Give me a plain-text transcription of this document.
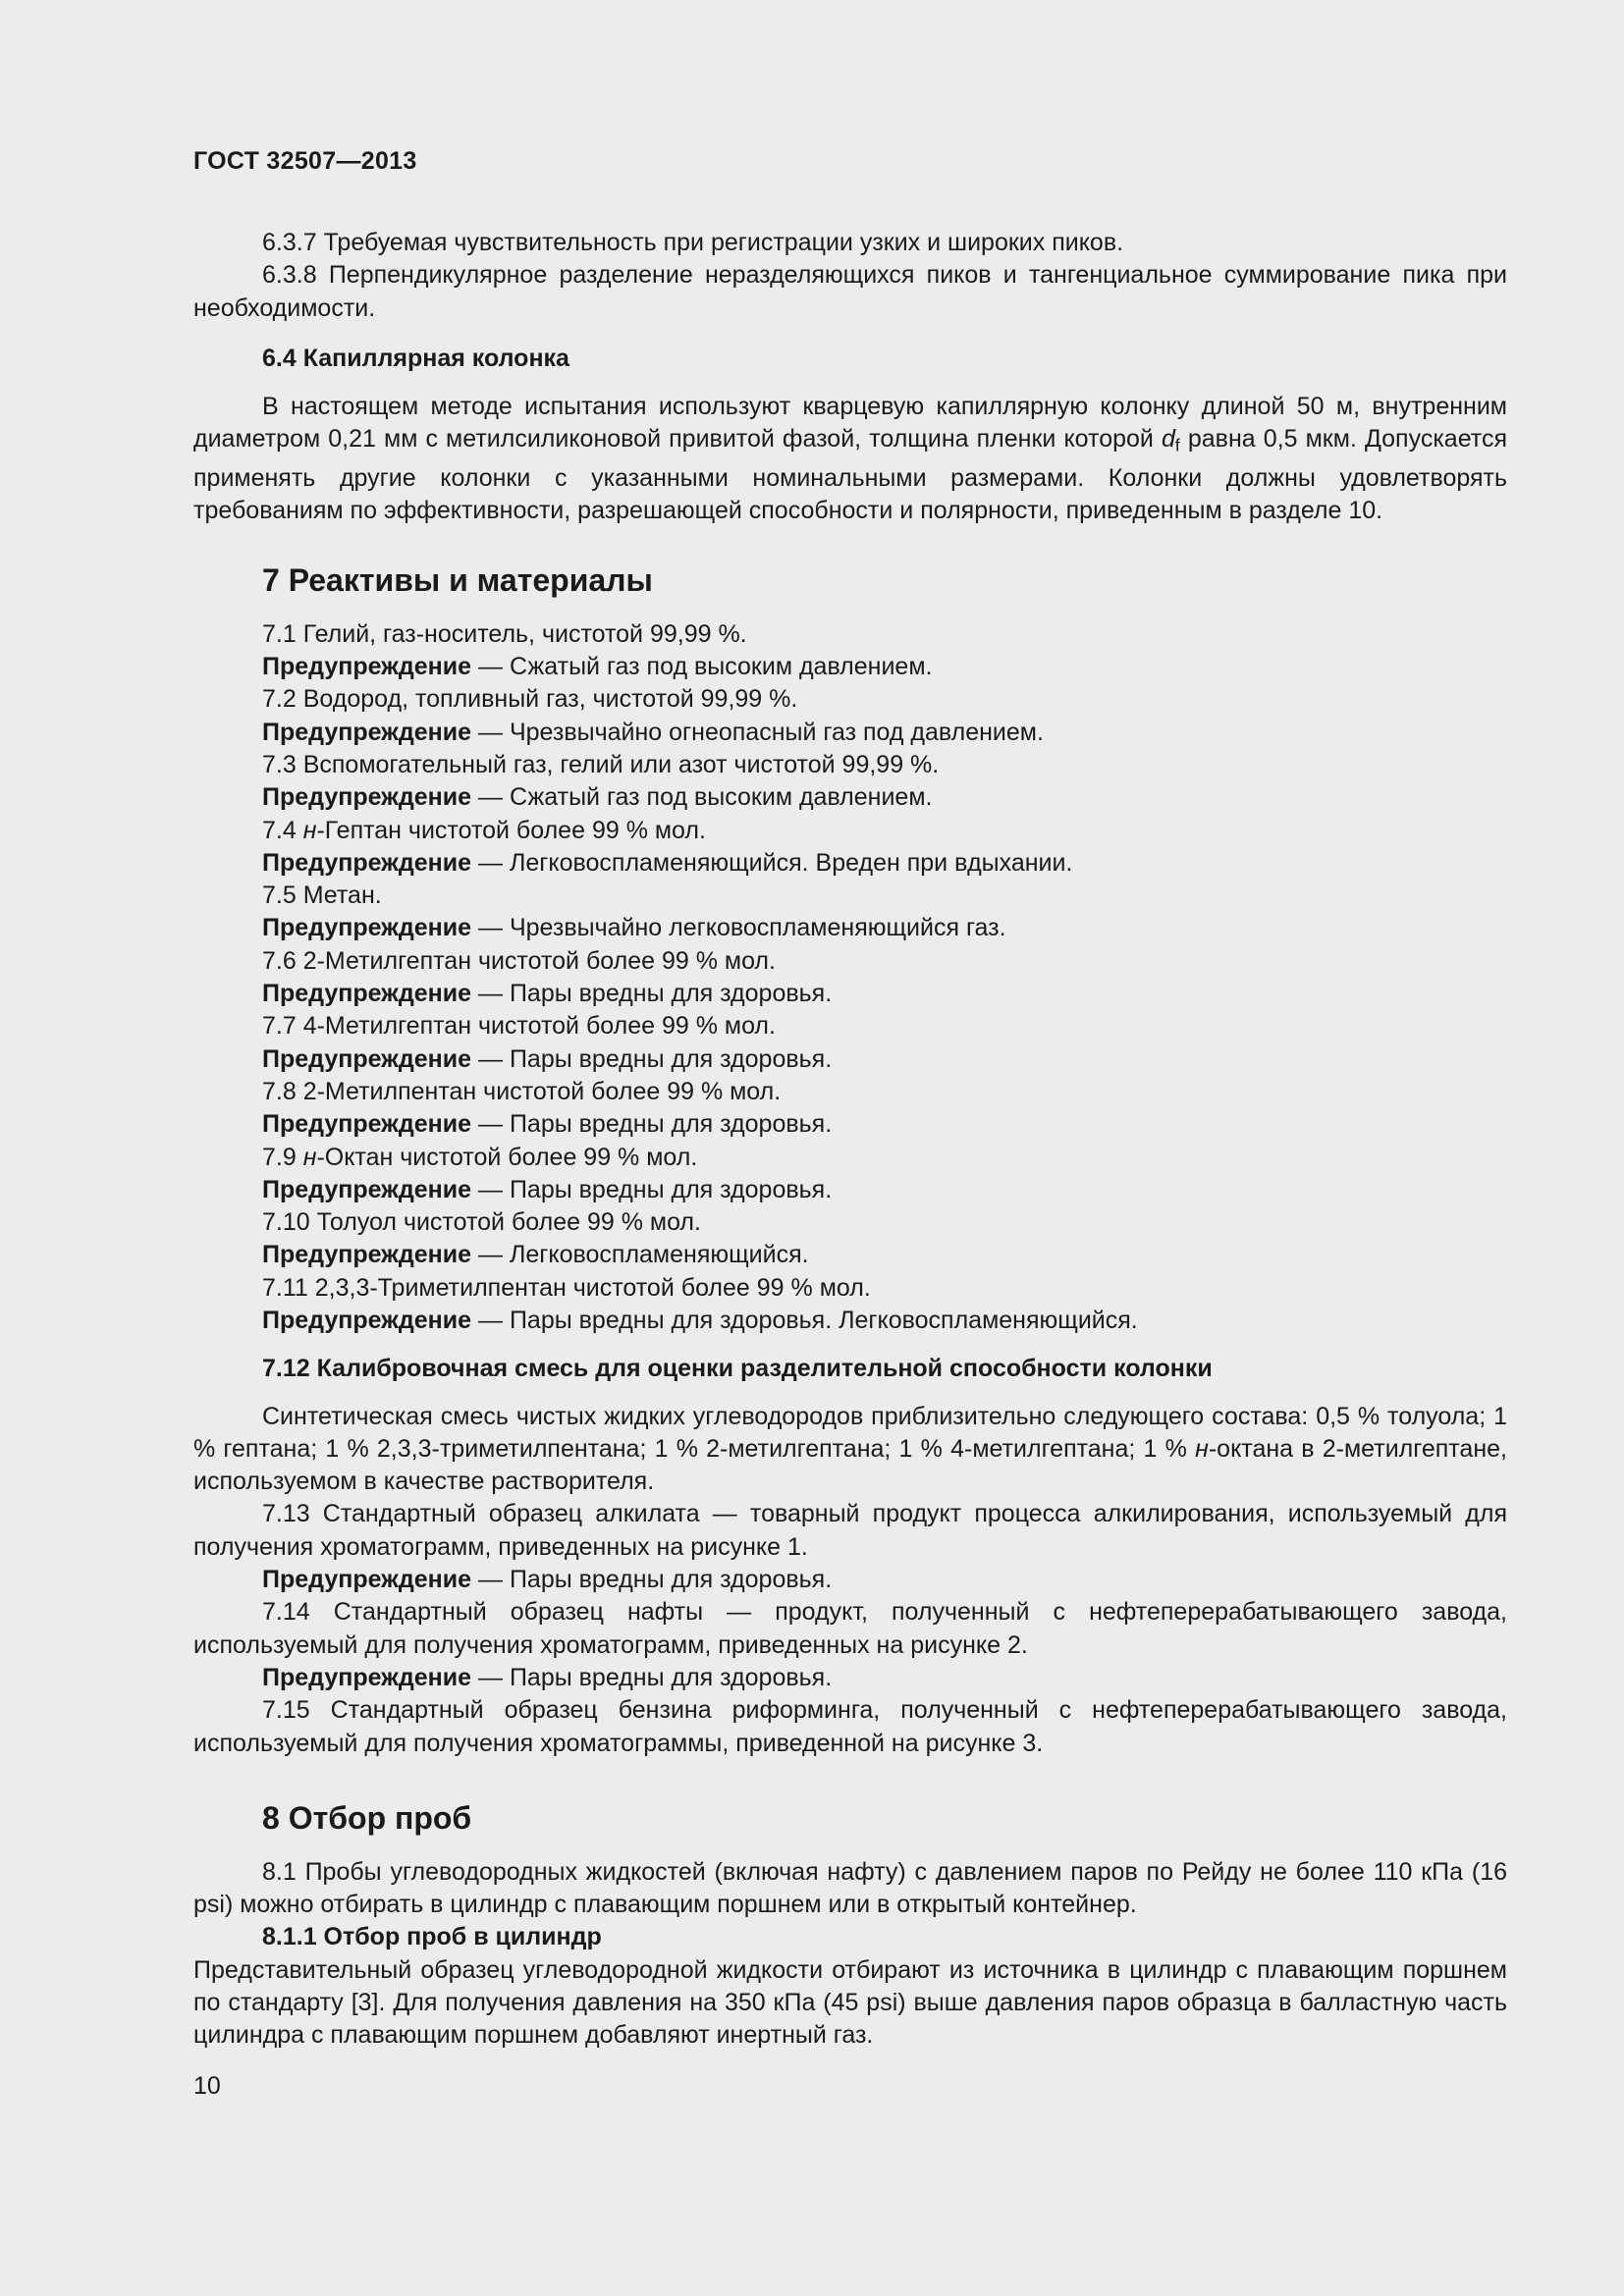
ГОСТ 32507—2013

6.3.7 Требуемая чувствительность при регистрации узких и широких пиков.

6.3.8 Перпендикулярное разделение неразделяющихся пиков и тангенциальное суммирование пика при необходимости.

6.4 Капиллярная колонка

В настоящем методе испытания используют кварцевую капиллярную колонку длиной 50 м, внутренним диаметром 0,21 мм с метилсиликоновой привитой фазой, толщина пленки которой $d_f$ равна 0,5 мкм. Допускается применять другие колонки с указанными номинальными размерами. Колонки должны удовлетворять требованиям по эффективности, разрешающей способности и полярности, приведенным в разделе 10.

7 Реактивы и материалы

7.1 Гелий, газ-носитель, чистотой 99,99 %.

Предупреждение — Сжатый газ под высоким давлением.

7.2 Водород, топливный газ, чистотой 99,99 %.

Предупреждение — Чрезвычайно огнеопасный газ под давлением.

7.3 Вспомогательный газ, гелий или азот чистотой 99,99 %.

Предупреждение — Сжатый газ под высоким давлением.

7.4 н-Гептан чистотой более 99 % мол.

Предупреждение — Легковоспламеняющийся. Вреден при вдыхании.

7.5 Метан.

Предупреждение — Чрезвычайно легковоспламеняющийся газ.

7.6 2-Метилгептан чистотой более 99 % мол.

Предупреждение — Пары вредны для здоровья.

7.7 4-Метилгептан чистотой более 99 % мол.

Предупреждение — Пары вредны для здоровья.

7.8 2-Метилпентан чистотой более 99 % мол.

Предупреждение — Пары вредны для здоровья.

7.9 н-Октан чистотой более 99 % мол.

Предупреждение — Пары вредны для здоровья.

7.10 Толуол чистотой более 99 % мол.

Предупреждение — Легковоспламеняющийся.

7.11 2,3,3-Триметилпентан чистотой более 99 % мол.

Предупреждение — Пары вредны для здоровья. Легковоспламеняющийся.

7.12 Калибровочная смесь для оценки разделительной способности колонки

Синтетическая смесь чистых жидких углеводородов приблизительно следующего состава: 0,5 % толуола; 1 % гептана; 1 % 2,3,3-триметилпентана; 1 % 2-метилгептана; 1 % 4-метилгептана; 1 % н-октана в 2-метилгептане, используемом в качестве растворителя.

7.13 Стандартный образец алкилата — товарный продукт процесса алкилирования, используемый для получения хроматограмм, приведенных на рисунке 1.

Предупреждение — Пары вредны для здоровья.

7.14 Стандартный образец нафты — продукт, полученный с нефтеперерабатывающего завода, используемый для получения хроматограмм, приведенных на рисунке 2.

Предупреждение — Пары вредны для здоровья.

7.15 Стандартный образец бензина риформинга, полученный с нефтеперерабатывающего завода, используемый для получения хроматограммы, приведенной на рисунке 3.

8 Отбор проб

8.1 Пробы углеводородных жидкостей (включая нафту) с давлением паров по Рейду не более 110 кПа (16 psi) можно отбирать в цилиндр с плавающим поршнем или в открытый контейнер.

8.1.1 Отбор проб в цилиндр

Представительный образец углеводородной жидкости отбирают из источника в цилиндр с плавающим поршнем по стандарту [3]. Для получения давления на 350 кПа (45 psi) выше давления паров образца в балластную часть цилиндра с плавающим поршнем добавляют инертный газ.

10
